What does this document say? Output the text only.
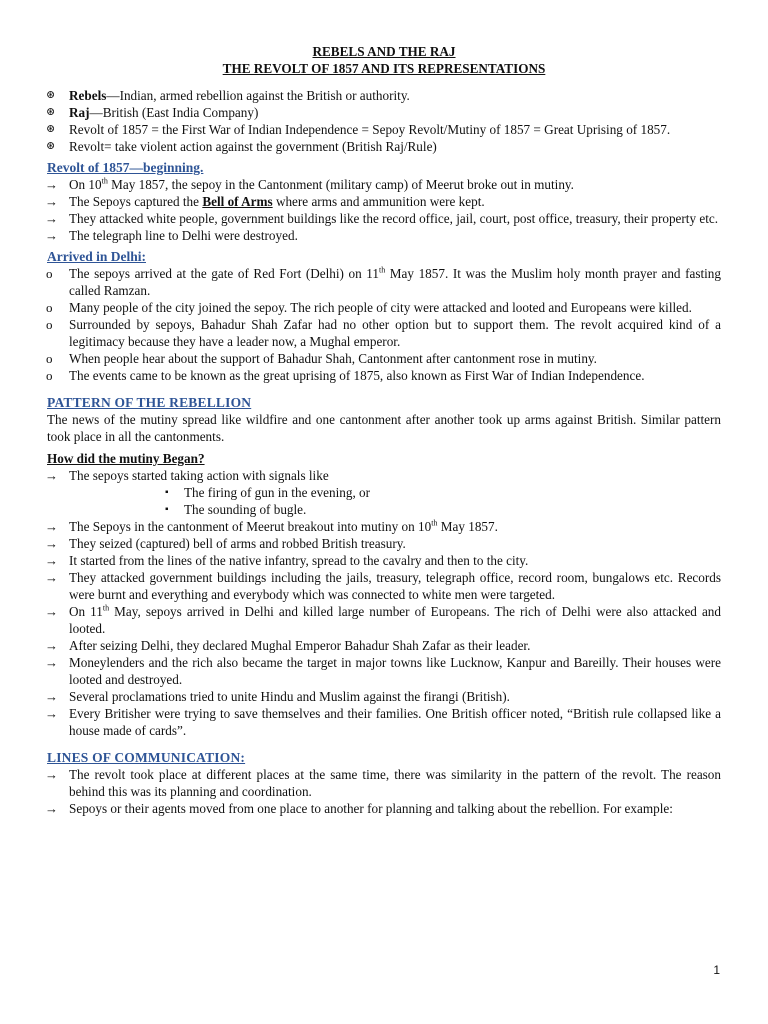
REBELS AND THE RAJ
THE REVOLT OF 1857 AND ITS REPRESENTATIONS
⊛	Rebels—Indian, armed rebellion against the British or authority.
⊛	Raj—British (East India Company)
⊛	Revolt of 1857 = the First War of Indian Independence = Sepoy Revolt/Mutiny of 1857 = Great Uprising of 1857.
⊛	Revolt= take violent action against the government (British Raj/Rule)
Revolt of 1857—beginning.
→ On 10th May 1857, the sepoy in the Cantonment (military camp) of Meerut broke out in mutiny.
→ The Sepoys captured the Bell of Arms where arms and ammunition were kept.
→ They attacked white people, government buildings like the record office, jail, court, post office, treasury, their property etc.
→ The telegraph line to Delhi were destroyed.
Arrived in Delhi:
o	The sepoys arrived at the gate of Red Fort (Delhi) on 11th May 1857. It was the Muslim holy month prayer and fasting called Ramzan.
o	Many people of the city joined the sepoy. The rich people of city were attacked and looted and Europeans were killed.
o	Surrounded by sepoys, Bahadur Shah Zafar had no other option but to support them. The revolt acquired kind of a legitimacy because they have a leader now, a Mughal emperor.
o	When people hear about the support of Bahadur Shah, Cantonment after cantonment rose in mutiny.
o	The events came to be known as the great uprising of 1875, also known as First War of Indian Independence.
PATTERN OF THE REBELLION
The news of the mutiny spread like wildfire and one cantonment after another took up arms against British. Similar pattern took place in all the cantonments.
How did the mutiny Began?
→ The sepoys started taking action with signals like
▪ The firing of gun in the evening, or
▪ The sounding of bugle.
→ The Sepoys in the cantonment of Meerut breakout into mutiny on 10th May 1857.
→ They seized (captured) bell of arms and robbed British treasury.
→ It started from the lines of the native infantry, spread to the cavalry and then to the city.
→ They attacked government buildings including the jails, treasury, telegraph office, record room, bungalows etc. Records were burnt and everything and everybody which was connected to white men were targeted.
→ On 11th May, sepoys arrived in Delhi and killed large number of Europeans. The rich of Delhi were also attacked and looted.
→ After seizing Delhi, they declared Mughal Emperor Bahadur Shah Zafar as their leader.
→ Moneylenders and the rich also became the target in major towns like Lucknow, Kanpur and Bareilly. Their houses were looted and destroyed.
→ Several proclamations tried to unite Hindu and Muslim against the firangi (British).
→ Every Britisher were trying to save themselves and their families. One British officer noted, “British rule collapsed like a house made of cards”.
LINES OF COMMUNICATION:
→ The revolt took place at different places at the same time, there was similarity in the pattern of the revolt. The reason behind this was its planning and coordination.
→ Sepoys or their agents moved from one place to another for planning and talking about the rebellion. For example:
1
